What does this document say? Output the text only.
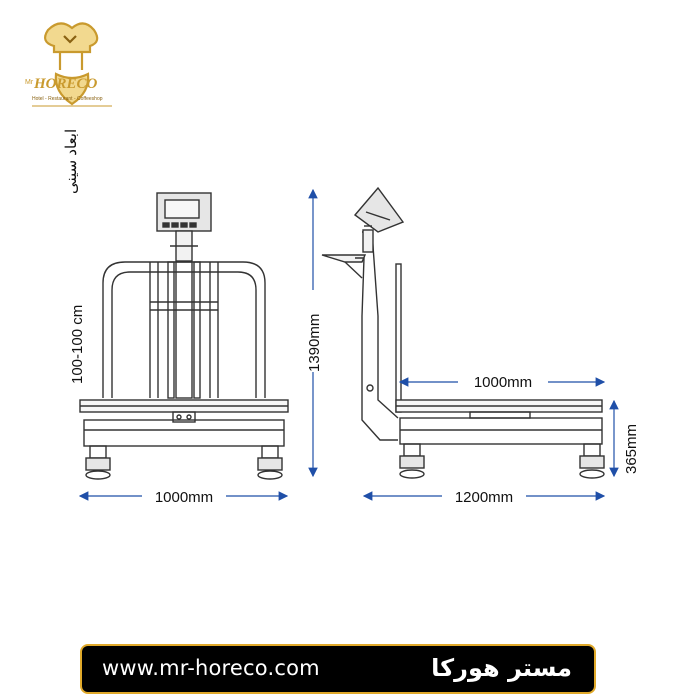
Mr HORECO
Hotel - Restaurant - Coffeeshop
1000mm
100-100 cm
ابعاد سینی
1390mm
1000mm
365mm
1200mm
www.mr-horeco.com	مستر هورکا
